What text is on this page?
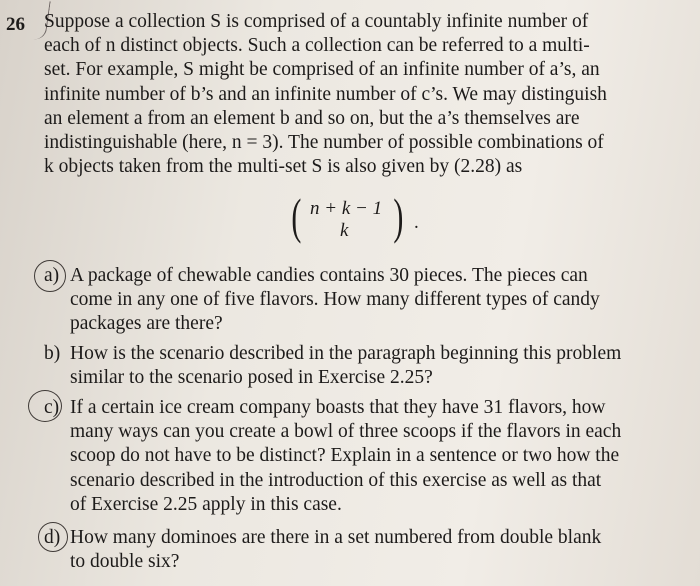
26 Suppose a collection S is comprised of a countably infinite number of
each of n distinct objects. Such a collection can be referred to a multi-
set. For example, S might be comprised of an infinite number of a’s, an
infinite number of b’s and an infinite number of c’s. We may distinguish
an element a from an element b and so on, but the a’s themselves are
indistinguishable (here, n = 3). The number of possible combinations of
k objects taken from the multi-set S is also given by (2.28) as
( n + k − 1
k ) .
a) A package of chewable candies contains 30 pieces. The pieces can
come in any one of five flavors. How many different types of candy
packages are there?
b) How is the scenario described in the paragraph beginning this problem
similar to the scenario posed in Exercise 2.25?
c) If a certain ice cream company boasts that they have 31 flavors, how
many ways can you create a bowl of three scoops if the flavors in each
scoop do not have to be distinct? Explain in a sentence or two how the
scenario described in the introduction of this exercise as well as that
of Exercise 2.25 apply in this case.
d) How many dominoes are there in a set numbered from double blank
to double six?
